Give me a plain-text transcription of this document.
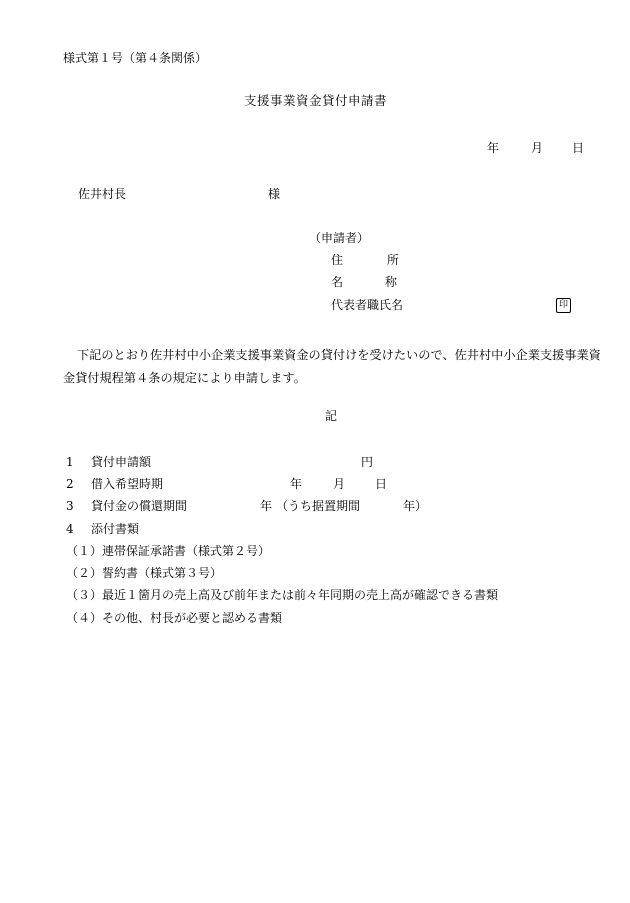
様式第１号（第４条関係）
支援事業資金貸付申請書
年	月 日
佐井村長	様
（申請者）
住	所
名	称
代表者職氏名	印
下記のとおり佐井村中小企業支援事業資金の貸付けを受けたいので、佐井村中小企業支援事業資金貸付規程第４条の規定により申請します。
記
1 貸付申請額	円
2 借入希望時期	年	月 日
3 貸付金の償還期間	年 （うち据置期間	年）
4 添付書類
（１）連帯保証承諾書（様式第２号）
（２）誓約書（様式第３号）
（３）最近１箇月の売上高及び前年または前々年同期の売上高が確認できる書類
（４）その他、村長が必要と認める書類
